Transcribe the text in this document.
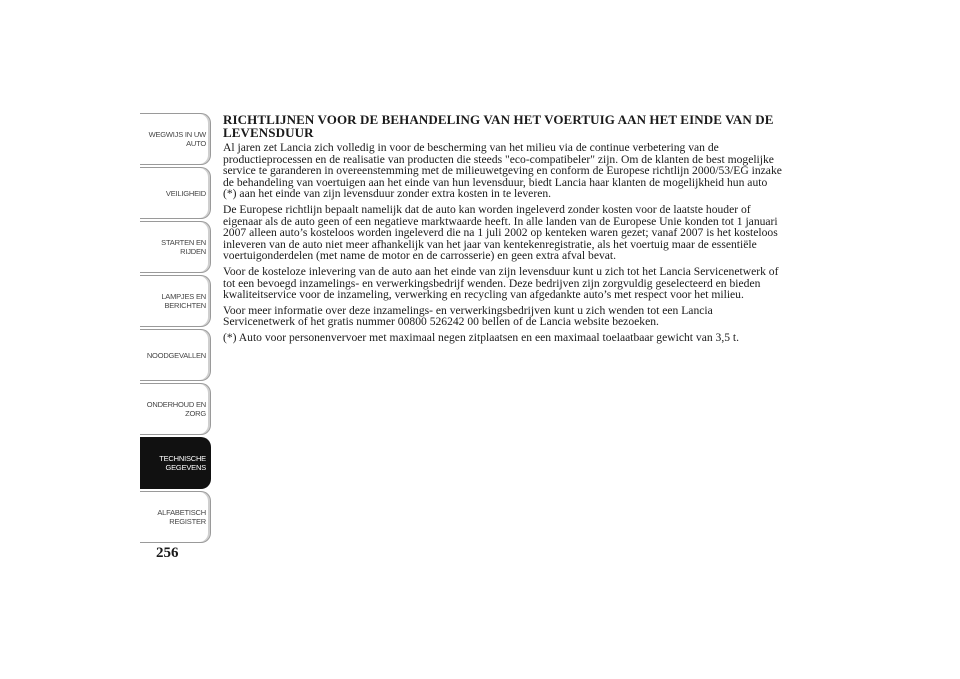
WEGWIJS IN UW
AUTO
VEILIGHEID
STARTEN EN
RIJDEN
LAMPJES EN
BERICHTEN
NOODGEVALLEN
ONDERHOUD EN
ZORG
TECHNISCHE
GEGEVENS
ALFABETISCH
REGISTER
256
RICHTLIJNEN VOOR DE BEHANDELING VAN HET VOERTUIG AAN HET EINDE VAN DE LEVENSDUUR

Al jaren zet Lancia zich volledig in voor de bescherming van het milieu via de continue verbetering van de productieprocessen en de realisatie van producten die steeds "eco-compatibeler" zijn. Om de klanten de best mogelijke service te garanderen in overeenstemming met de milieuwetgeving en conform de Europese richtlijn 2000/53/EG inzake de behandeling van voertuigen aan het einde van hun levensduur, biedt Lancia haar klanten de mogelijkheid hun auto (*) aan het einde van zijn levensduur zonder extra kosten in te leveren.

De Europese richtlijn bepaalt namelijk dat de auto kan worden ingeleverd zonder kosten voor de laatste houder of eigenaar als de auto geen of een negatieve marktwaarde heeft. In alle landen van de Europese Unie konden tot 1 januari 2007 alleen auto’s kosteloos worden ingeleverd die na 1 juli 2002 op kenteken waren gezet; vanaf 2007 is het kosteloos inleveren van de auto niet meer afhankelijk van het jaar van kentekenregistratie, als het voertuig maar de essentiële voertuigonderdelen (met name de motor en de carrosserie) en geen extra afval bevat.

Voor de kosteloze inlevering van de auto aan het einde van zijn levensduur kunt u zich tot het Lancia Servicenetwerk of tot een bevoegd inzamelings- en verwerkingsbedrijf wenden. Deze bedrijven zijn zorgvuldig geselecteerd en bieden kwaliteitservice voor de inzameling, verwerking en recycling van afgedankte auto’s met respect voor het milieu.

Voor meer informatie over deze inzamelings- en verwerkingsbedrijven kunt u zich wenden tot een Lancia Servicenetwerk of het gratis nummer 00800 526242 00 bellen of de Lancia website bezoeken.

(*) Auto voor personenvervoer met maximaal negen zitplaatsen en een maximaal toelaatbaar gewicht van 3,5 t.
